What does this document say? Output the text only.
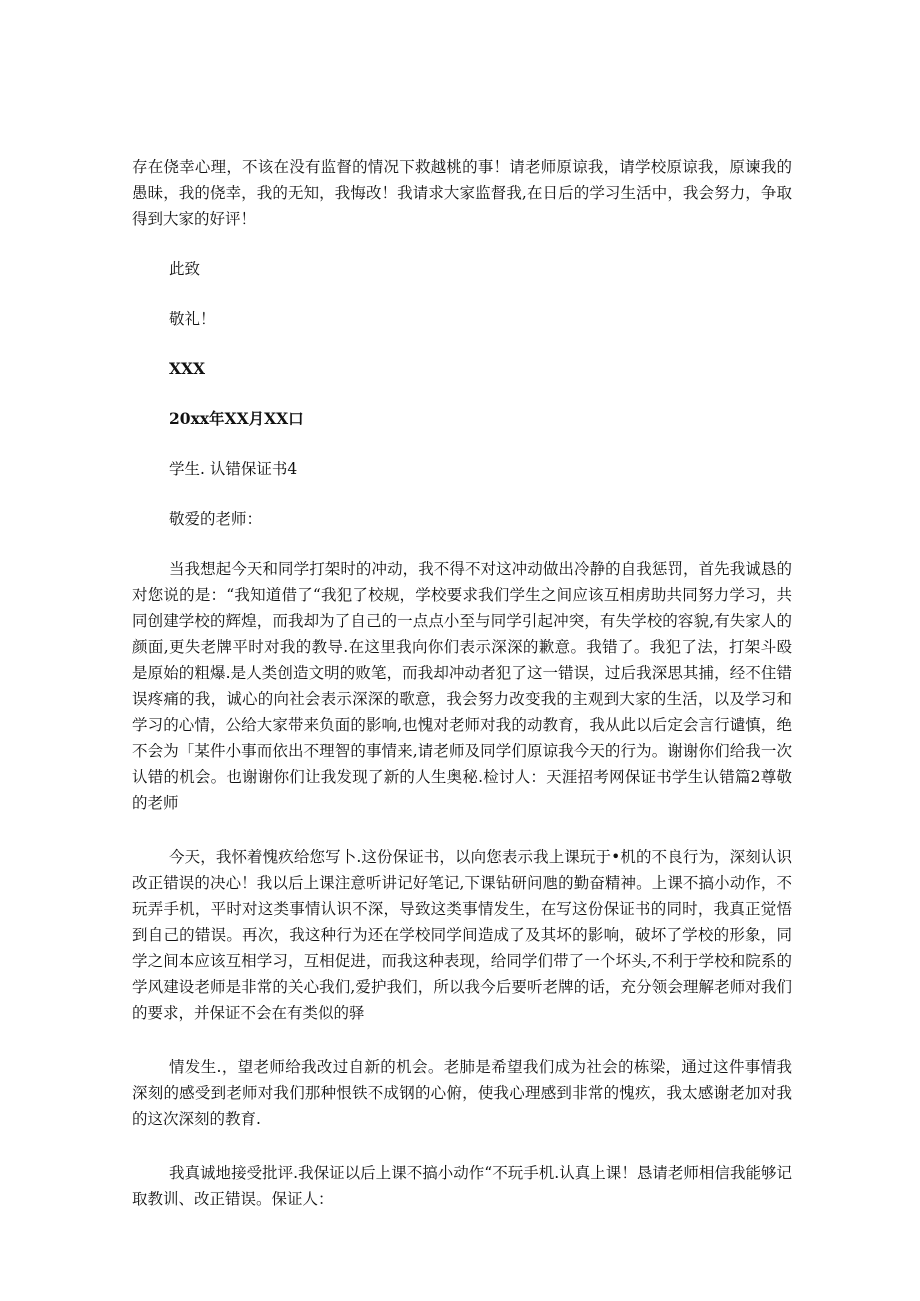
存在侥幸心理，不该在没有监督的情况下救越桃的事！请老师原谅我，请学校原谅我，原谏我的愚昧，我的侥幸，我的无知，我悔改！我请求大家监督我,在日后的学习生活中，我会努力，争取得到大家的好评！

此致

敬礼！

XXX

20xx年XX月XX口

学生. 认错保证书4

敬爱的老师：

当我想起今天和同学打架时的冲动，我不得不对这冲动做出冷静的自我惩罚，首先我诚恳的对您说的是：“我知道借了“我犯了校规，学校要求我们学生之间应该互相虏助共同努力学习，共同创建学校的辉煌，而我却为了自己的一点点小至与同学引起冲突，有失学校的容貌,有失家人的颜面,更失老牌平时对我的教导.在这里我向你们表示深深的歉意。我错了。我犯了法，打架斗殴是原始的粗爆.是人类创造文明的败笔，而我却冲动者犯了这一错误，过后我深思其捕，经不住错误疼痛的我，诚心的向社会表示深深的歌意，我会努力改变我的主观到大家的生活，以及学习和学习的心情，公给大家带来负面的影响,也愧对老师对我的动教育，我从此以后定会言行谴慎，绝不会为「某件小事而依出不理智的事情来,请老师及同学们原谅我今天的行为。谢谢你们给我一次认错的机会。也谢谢你们让我发现了新的人生奥秘.检讨人：天涯招考网保证书学生认错篇2尊敬的老师

今天，我怀着愧疚给您写卜.这份保证书，以向您表示我上课玩于•机的不良行为，深刻认识改正错误的决心！我以后上课注意听讲记好笔记,下课钻研问虺的勤奋精神。上课不搞小动作，不玩弄手机，平时对这类事情认识不深，导致这类事情发生，在写这份保证书的同时，我真正觉悟到自己的错误。再次，我这种行为还在学校同学间造成了及其坏的影响，破坏了学校的形象，同学之间本应该互相学习，互相促进，而我这种表现，给同学们带了一个坏头,不利于学校和院系的学风建设老师是非常的关心我们,爱护我们，所以我今后要听老牌的话，充分领会理解老师对我们的要求，并保证不会在有类似的驿

情发生.，望老师给我改过自新的机会。老肺是希望我们成为社会的栋梁，通过这件事情我深刻的感受到老师对我们那种恨铁不成钢的心俯，使我心理感到非常的愧疚，我太感谢老加对我的这次深刻的教育.

我真诚地接受批评.我保证以后上课不搞小动作“不玩手机.认真上课！恳请老师相信我能够记取教训、改正错误。保证人：
